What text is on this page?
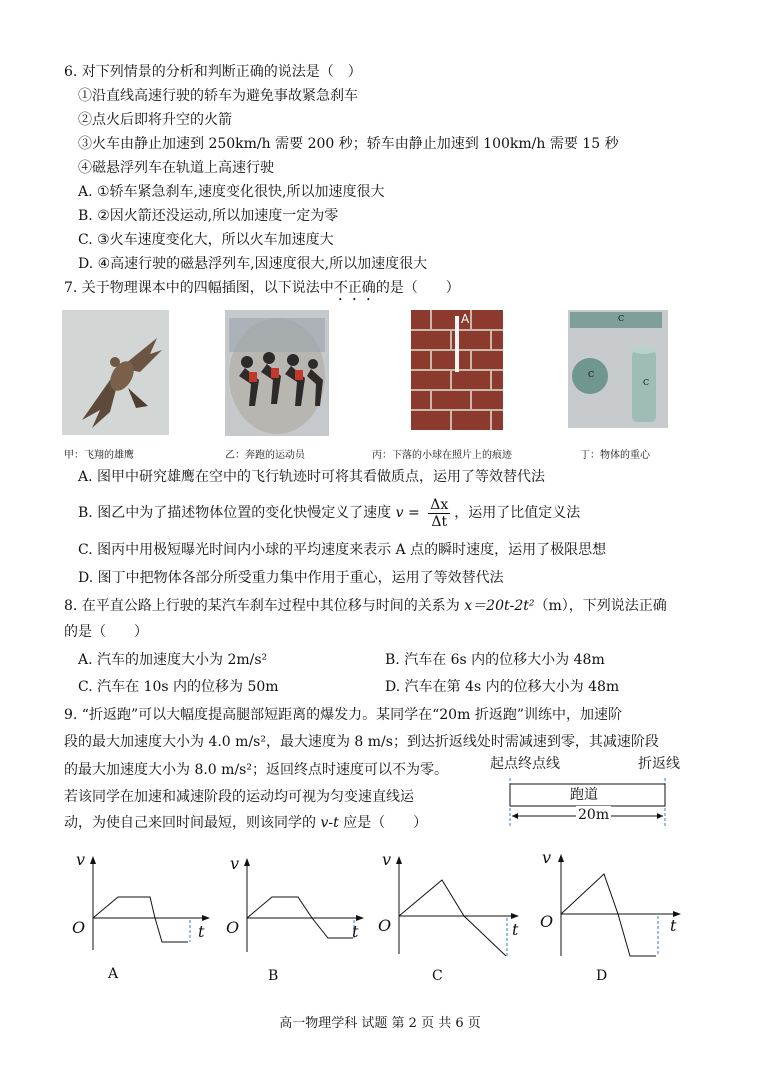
6. 对下列情景的分析和判断正确的说法是（　）
①沿直线高速行驶的轿车为避免事故紧急刹车
②点火后即将升空的火箭
③火车由静止加速到 250km/h 需要 200 秒；轿车由静止加速到 100km/h 需要 15 秒
④磁悬浮列车在轨道上高速行驶
A. ①轿车紧急刹车,速度变化很快,所以加速度很大
B. ②因火箭还没运动,所以加速度一定为零
C. ③火车速度变化大，所以火车加速度大
D. ④高速行驶的磁悬浮列车,因速度很大,所以加速度很大
7. 关于物理课本中的四幅插图，以下说法中不正确的是（　　）
A	C
C
C
甲：飞翔的雄鹰	乙：奔跑的运动员	丙：下落的小球在照片上的痕迹	丁：物体的重心
A. 图甲中研究雄鹰在空中的飞行轨迹时可将其看做质点，运用了等效替代法
B. 图乙中为了描述物体位置的变化快慢定义了速度 $v = \frac{\Delta x}{\Delta t}$ ，运用了比值定义法
C. 图丙中用极短曝光时间内小球的平均速度来表示 A 点的瞬时速度，运用了极限思想
D. 图丁中把物体各部分所受重力集中作用于重心，运用了等效替代法
8. 在平直公路上行驶的某汽车刹车过程中其位移与时间的关系为 x＝20t-2t²（m），下列说法正确
的是（　　）
A. 汽车的加速度大小为 2m/s²	B. 汽车在 6s 内的位移大小为 48m
C. 汽车在 10s 内的位移为 50m	D. 汽车在第 4s 内的位移大小为 48m
9. “折返跑”可以大幅度提高腿部短距离的爆发力。某同学在“20m 折返跑”训练中，加速阶
段的最大加速度大小为 4.0 m/s²，最大速度为 8 m/s；到达折返线处时需减速到零，其减速阶段
的最大加速度大小为 8.0 m/s²；返回终点时速度可以不为零。
若该同学在加速和减速阶段的运动均可视为匀变速直线运
动，为使自己来回时间最短，则该同学的 v-t 应是（　　）
起点终点线	折返线
跑道
20m
v
O	t
A
v
O	t
B
v
O	t
C
v
O	t
D
高一物理学科 试题 第 2 页 共 6 页
